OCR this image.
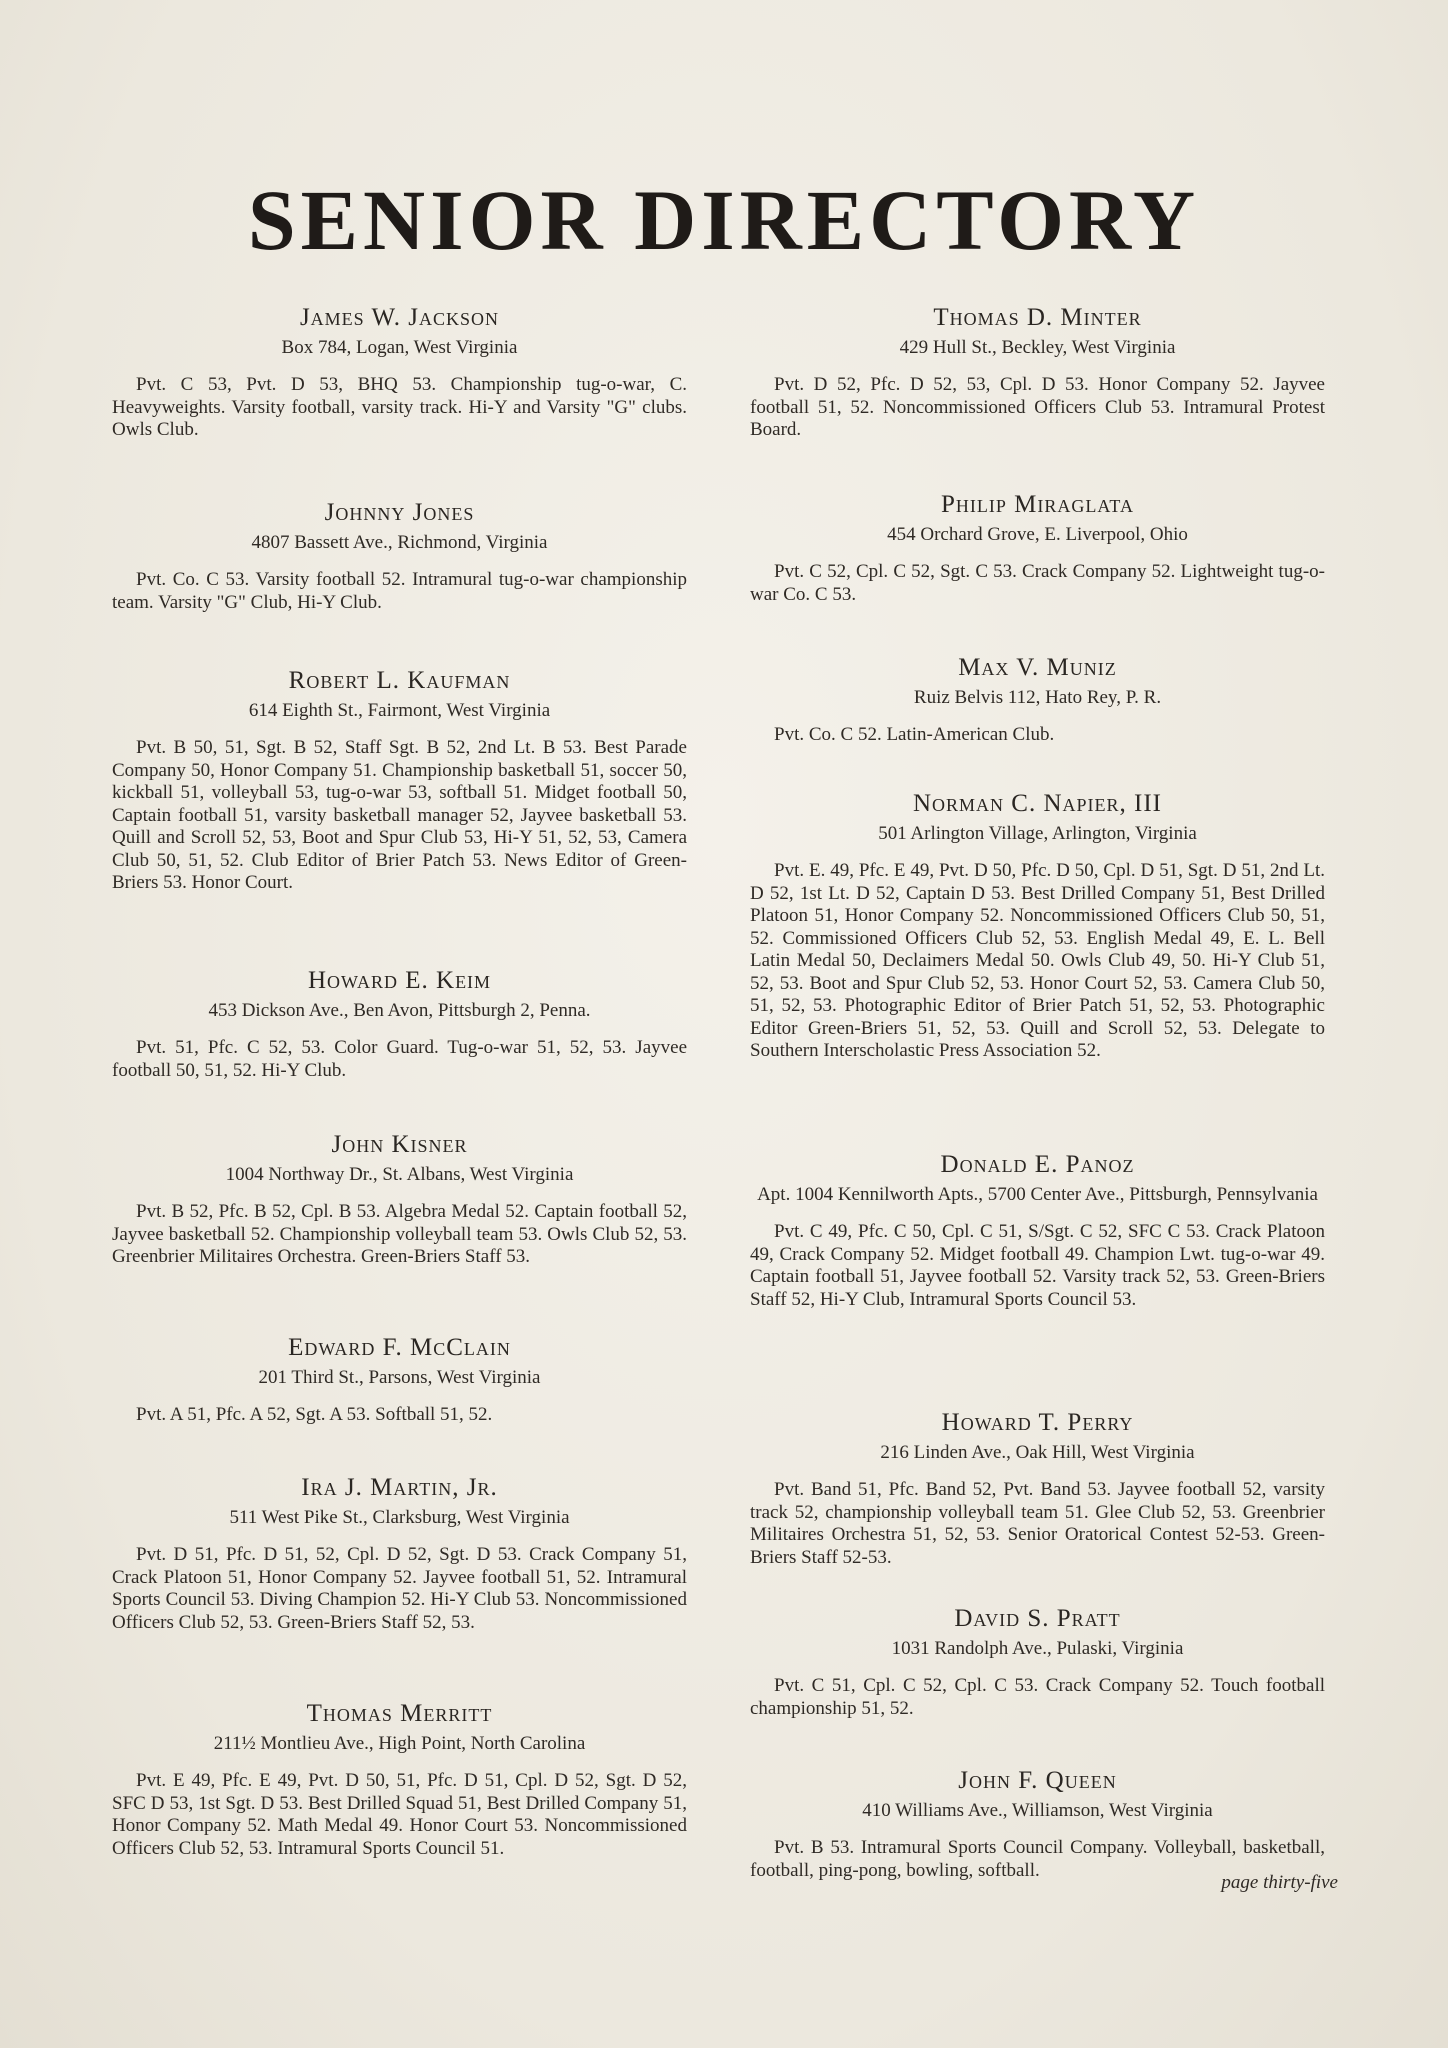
SENIOR DIRECTORY
James W. Jackson
Box 784, Logan, West Virginia
Pvt. C 53, Pvt. D 53, BHQ 53. Championship tug-o-war, C. Heavyweights. Varsity football, varsity track. Hi-Y and Varsity "G" clubs. Owls Club.
Johnny Jones
4807 Bassett Ave., Richmond, Virginia
Pvt. Co. C 53. Varsity football 52. Intramural tug-o-war championship team. Varsity "G" Club, Hi-Y Club.
Robert L. Kaufman
614 Eighth St., Fairmont, West Virginia
Pvt. B 50, 51, Sgt. B 52, Staff Sgt. B 52, 2nd Lt. B 53. Best Parade Company 50, Honor Company 51. Championship basketball 51, soccer 50, kickball 51, volleyball 53, tug-o-war 53, softball 51. Midget football 50, Captain football 51, varsity basketball manager 52, Jayvee basketball 53. Quill and Scroll 52, 53, Boot and Spur Club 53, Hi-Y 51, 52, 53, Camera Club 50, 51, 52. Club Editor of Brier Patch 53. News Editor of Green-Briers 53. Honor Court.
Howard E. Keim
453 Dickson Ave., Ben Avon, Pittsburgh 2, Penna.
Pvt. 51, Pfc. C 52, 53. Color Guard. Tug-o-war 51, 52, 53. Jayvee football 50, 51, 52. Hi-Y Club.
John Kisner
1004 Northway Dr., St. Albans, West Virginia
Pvt. B 52, Pfc. B 52, Cpl. B 53. Algebra Medal 52. Captain football 52, Jayvee basketball 52. Championship volleyball team 53. Owls Club 52, 53. Greenbrier Militaires Orchestra. Green-Briers Staff 53.
Edward F. McClain
201 Third St., Parsons, West Virginia
Pvt. A 51, Pfc. A 52, Sgt. A 53. Softball 51, 52.
Ira J. Martin, Jr.
511 West Pike St., Clarksburg, West Virginia
Pvt. D 51, Pfc. D 51, 52, Cpl. D 52, Sgt. D 53. Crack Company 51, Crack Platoon 51, Honor Company 52. Jayvee football 51, 52. Intramural Sports Council 53. Diving Champion 52. Hi-Y Club 53. Noncommissioned Officers Club 52, 53. Green-Briers Staff 52, 53.
Thomas Merritt
211½ Montlieu Ave., High Point, North Carolina
Pvt. E 49, Pfc. E 49, Pvt. D 50, 51, Pfc. D 51, Cpl. D 52, Sgt. D 52, SFC D 53, 1st Sgt. D 53. Best Drilled Squad 51, Best Drilled Company 51, Honor Company 52. Math Medal 49. Honor Court 53. Noncommissioned Officers Club 52, 53. Intramural Sports Council 51.
Thomas D. Minter
429 Hull St., Beckley, West Virginia
Pvt. D 52, Pfc. D 52, 53, Cpl. D 53. Honor Company 52. Jayvee football 51, 52. Noncommissioned Officers Club 53. Intramural Protest Board.
Philip Miraglata
454 Orchard Grove, E. Liverpool, Ohio
Pvt. C 52, Cpl. C 52, Sgt. C 53. Crack Company 52. Lightweight tug-o-war Co. C 53.
Max V. Muniz
Ruiz Belvis 112, Hato Rey, P. R.
Pvt. Co. C 52. Latin-American Club.
Norman C. Napier, III
501 Arlington Village, Arlington, Virginia
Pvt. E. 49, Pfc. E 49, Pvt. D 50, Pfc. D 50, Cpl. D 51, Sgt. D 51, 2nd Lt. D 52, 1st Lt. D 52, Captain D 53. Best Drilled Company 51, Best Drilled Platoon 51, Honor Company 52. Noncommissioned Officers Club 50, 51, 52. Commissioned Officers Club 52, 53. English Medal 49, E. L. Bell Latin Medal 50, Declaimers Medal 50. Owls Club 49, 50. Hi-Y Club 51, 52, 53. Boot and Spur Club 52, 53. Honor Court 52, 53. Camera Club 50, 51, 52, 53. Photographic Editor of Brier Patch 51, 52, 53. Photographic Editor Green-Briers 51, 52, 53. Quill and Scroll 52, 53. Delegate to Southern Interscholastic Press Association 52.
Donald E. Panoz
Apt. 1004 Kennilworth Apts., 5700 Center Ave., Pittsburgh, Pennsylvania
Pvt. C 49, Pfc. C 50, Cpl. C 51, S/Sgt. C 52, SFC C 53. Crack Platoon 49, Crack Company 52. Midget football 49. Champion Lwt. tug-o-war 49. Captain football 51, Jayvee football 52. Varsity track 52, 53. Green-Briers Staff 52, Hi-Y Club, Intramural Sports Council 53.
Howard T. Perry
216 Linden Ave., Oak Hill, West Virginia
Pvt. Band 51, Pfc. Band 52, Pvt. Band 53. Jayvee football 52, varsity track 52, championship volleyball team 51. Glee Club 52, 53. Greenbrier Militaires Orchestra 51, 52, 53. Senior Oratorical Contest 52-53. Green-Briers Staff 52-53.
David S. Pratt
1031 Randolph Ave., Pulaski, Virginia
Pvt. C 51, Cpl. C 52, Cpl. C 53. Crack Company 52. Touch football championship 51, 52.
John F. Queen
410 Williams Ave., Williamson, West Virginia
Pvt. B 53. Intramural Sports Council Company. Volleyball, basketball, football, ping-pong, bowling, softball.
page thirty-five
